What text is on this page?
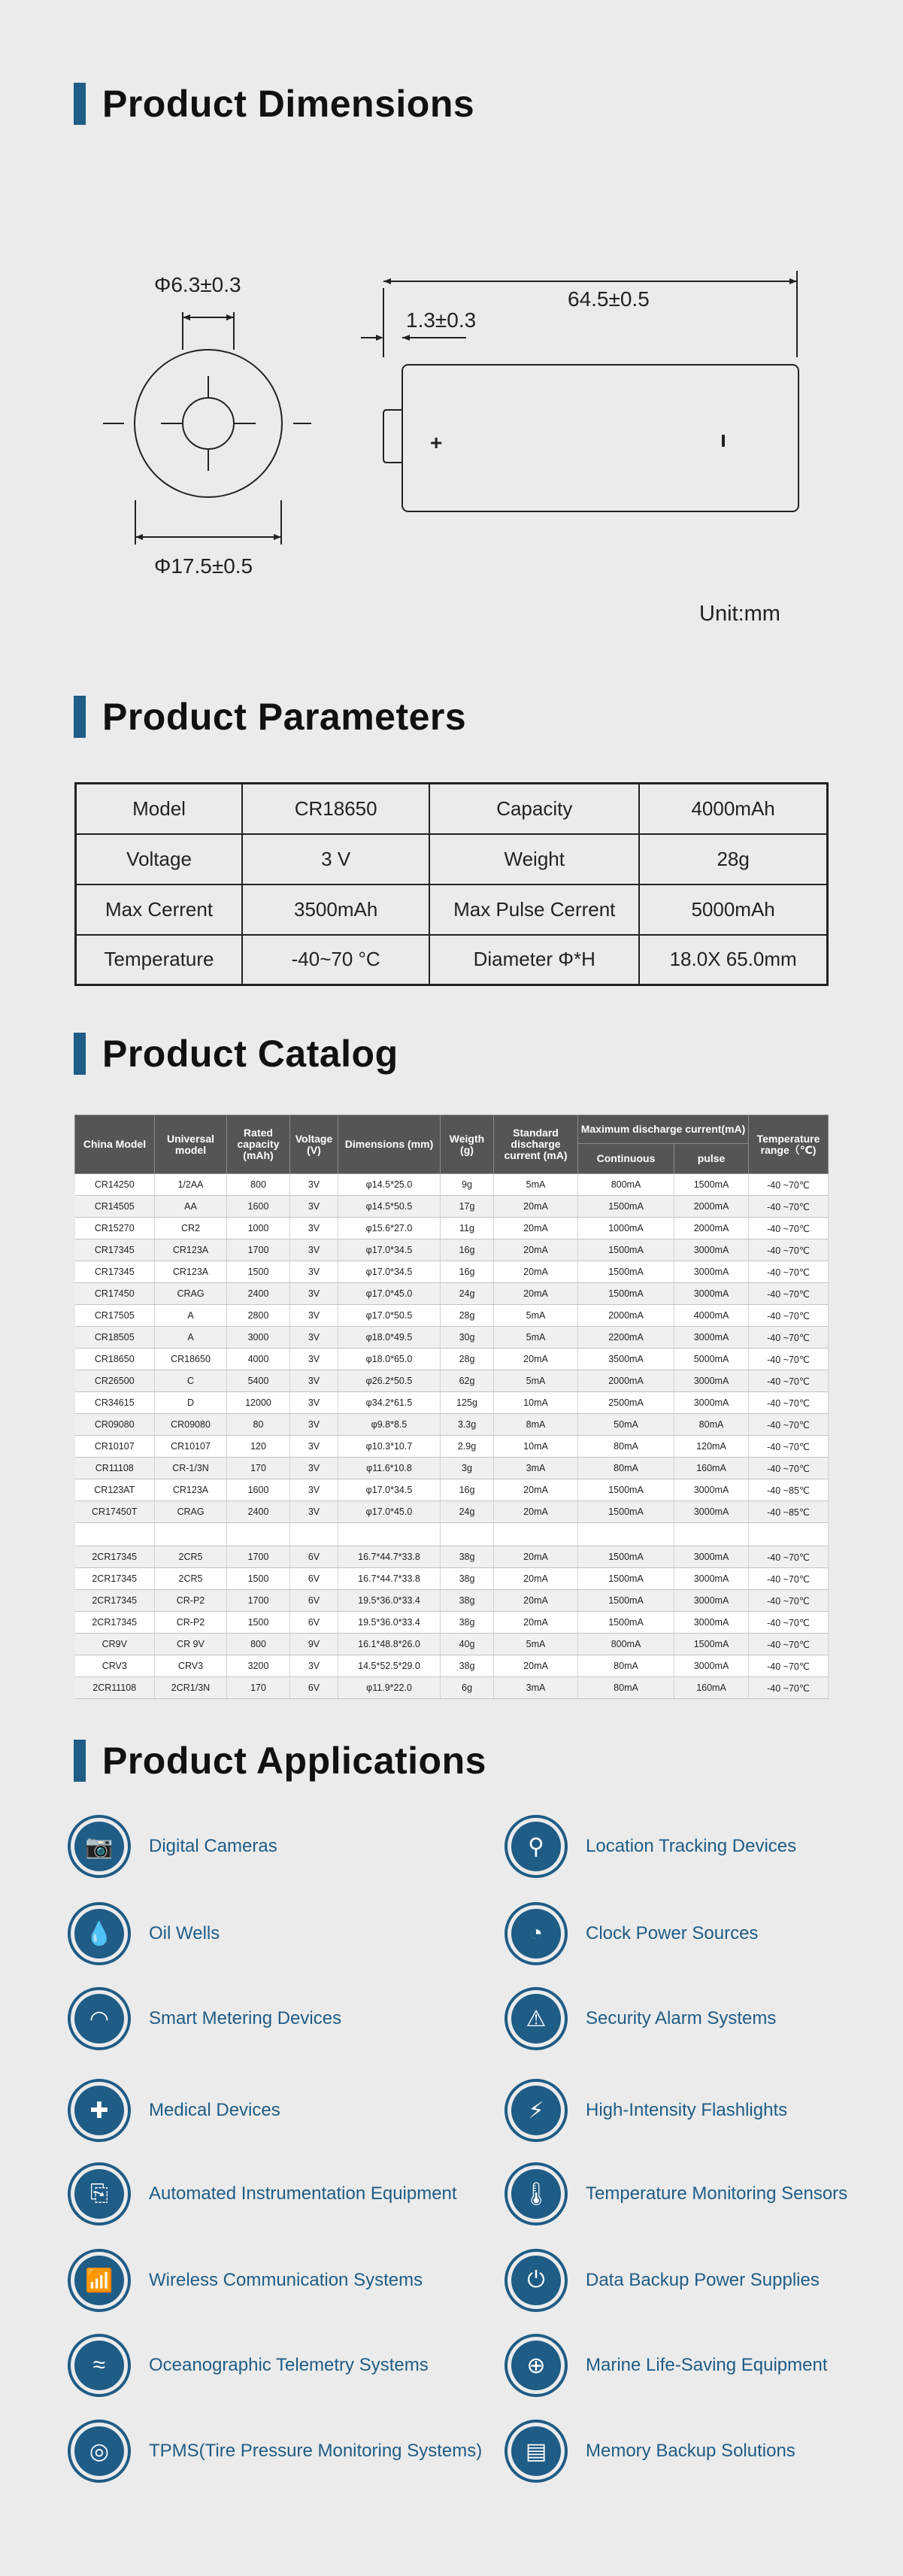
Product Dimensions
Φ6.3±0.3
Φ17.5±0.5
64.5±0.5
1.3±0.3
+
Unit:mm
Product Parameters
Model	CR18650	Capacity	4000mAh
Voltage	3 V	Weight	28g
Max Cerrent	3500mAh	Max Pulse Cerrent	5000mAh
Temperature	-40~70 °C	Diameter Φ*H	18.0X 65.0mm
Product Catalog
China Model	Universal model	Rated capacity (mAh)	Voltage (V)	Dimensions (mm)	Weigth (g)	Standard discharge current (mA)	Maximum discharge current(mA)		Temperature range（℃)
							Continuous	pulse	
CR14250	1/2AA	800	3V	φ14.5*25.0	9g	5mA	800mA	1500mA	-40 ~70℃
CR14505	AA	1600	3V	φ14.5*50.5	17g	20mA	1500mA	2000mA	-40 ~70℃
CR15270	CR2	1000	3V	φ15.6*27.0	11g	20mA	1000mA	2000mA	-40 ~70℃
CR17345	CR123A	1700	3V	φ17.0*34.5	16g	20mA	1500mA	3000mA	-40 ~70℃
CR17345	CR123A	1500	3V	φ17.0*34.5	16g	20mA	1500mA	3000mA	-40 ~70℃
CR17450	CRAG	2400	3V	φ17.0*45.0	24g	20mA	1500mA	3000mA	-40 ~70℃
CR17505	A	2800	3V	φ17.0*50.5	28g	5mA	2000mA	4000mA	-40 ~70℃
CR18505	A	3000	3V	φ18.0*49.5	30g	5mA	2200mA	3000mA	-40 ~70℃
CR18650	CR18650	4000	3V	φ18.0*65.0	28g	20mA	3500mA	5000mA	-40 ~70℃
CR26500	C	5400	3V	φ26.2*50.5	62g	5mA	2000mA	3000mA	-40 ~70℃
CR34615	D	12000	3V	φ34.2*61.5	125g	10mA	2500mA	3000mA	-40 ~70℃
CR09080	CR09080	80	3V	φ9.8*8.5	3.3g	8mA	50mA	80mA	-40 ~70℃
CR10107	CR10107	120	3V	φ10.3*10.7	2.9g	10mA	80mA	120mA	-40 ~70℃
CR11108	CR-1/3N	170	3V	φ11.6*10.8	3g	3mA	80mA	160mA	-40 ~70℃
CR123AT	CR123A	1600	3V	φ17.0*34.5	16g	20mA	1500mA	3000mA	-40 ~85℃
CR17450T	CRAG	2400	3V	φ17.0*45.0	24g	20mA	1500mA	3000mA	-40 ~85℃

2CR17345	2CR5	1700	6V	16.7*44.7*33.8	38g	20mA	1500mA	3000mA	-40 ~70℃
2CR17345	2CR5	1500	6V	16.7*44.7*33.8	38g	20mA	1500mA	3000mA	-40 ~70℃
2CR17345	CR-P2	1700	6V	19.5*36.0*33.4	38g	20mA	1500mA	3000mA	-40 ~70℃
2CR17345	CR-P2	1500	6V	19.5*36.0*33.4	38g	20mA	1500mA	3000mA	-40 ~70℃
CR9V	CR 9V	800	9V	16.1*48.8*26.0	40g	5mA	800mA	1500mA	-40 ~70℃
CRV3	CRV3	3200	3V	14.5*52.5*29.0	38g	20mA	80mA	3000mA	-40 ~70℃
2CR11108	2CR1/3N	170	6V	φ11.9*22.0	6g	3mA	80mA	160mA	-40 ~70℃
Product Applications
📷	Digital Cameras	⚲	Location Tracking Devices
💧	Oil Wells	◔	Clock Power Sources
◠	Smart Metering Devices	⚠	Security Alarm Systems
✚	Medical Devices	⚡	High-Intensity Flashlights
⎘	Automated Instrumentation Equipment	🌡	Temperature Monitoring Sensors
📶	Wireless Communication Systems	⏻	Data Backup Power Supplies
≈	Oceanographic Telemetry Systems	⊕	Marine Life-Saving Equipment
◎	TPMS(Tire Pressure Monitoring Systems)	▤	Memory Backup Solutions
